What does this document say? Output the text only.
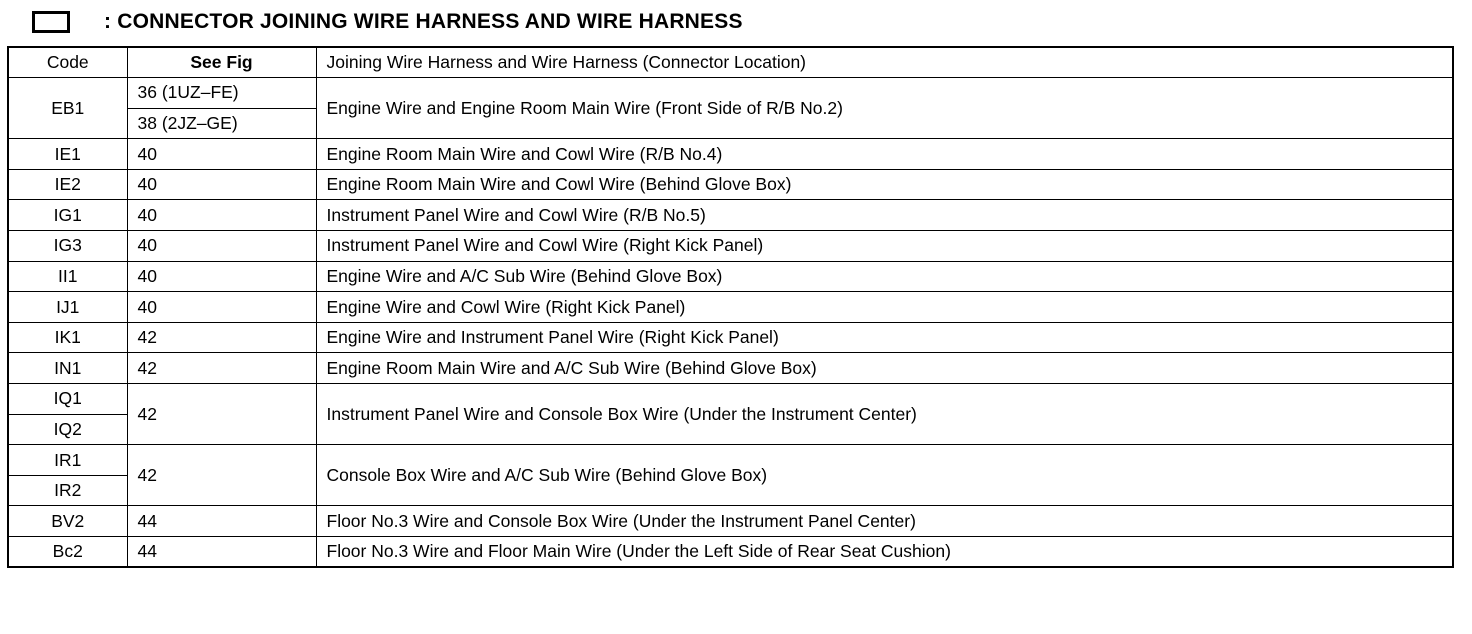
: CONNECTOR JOINING WIRE HARNESS AND WIRE HARNESS
Code	See Fig	Joining Wire Harness and Wire Harness (Connector Location)
EB1	36 (1UZ–FE)	Engine Wire and Engine Room Main Wire (Front Side of R/B No.2)
	38 (2JZ–GE)	
IE1	40	Engine Room Main Wire and Cowl Wire (R/B No.4)
IE2	40	Engine Room Main Wire and Cowl Wire (Behind Glove Box)
IG1	40	Instrument Panel Wire and Cowl Wire (R/B No.5)
IG3	40	Instrument Panel Wire and Cowl Wire (Right Kick Panel)
II1	40	Engine Wire and A/C Sub Wire (Behind Glove Box)
IJ1	40	Engine Wire and Cowl Wire (Right Kick Panel)
IK1	42	Engine Wire and Instrument Panel Wire (Right Kick Panel)
IN1	42	Engine Room Main Wire and A/C Sub Wire (Behind Glove Box)
IQ1	42	Instrument Panel Wire and Console Box Wire (Under the Instrument Center)
IQ2		
IR1	42	Console Box Wire and A/C Sub Wire (Behind Glove Box)
IR2		
BV2	44	Floor No.3 Wire and Console Box Wire (Under the Instrument Panel Center)
Bc2	44	Floor No.3 Wire and Floor Main Wire (Under the Left Side of Rear Seat Cushion)
